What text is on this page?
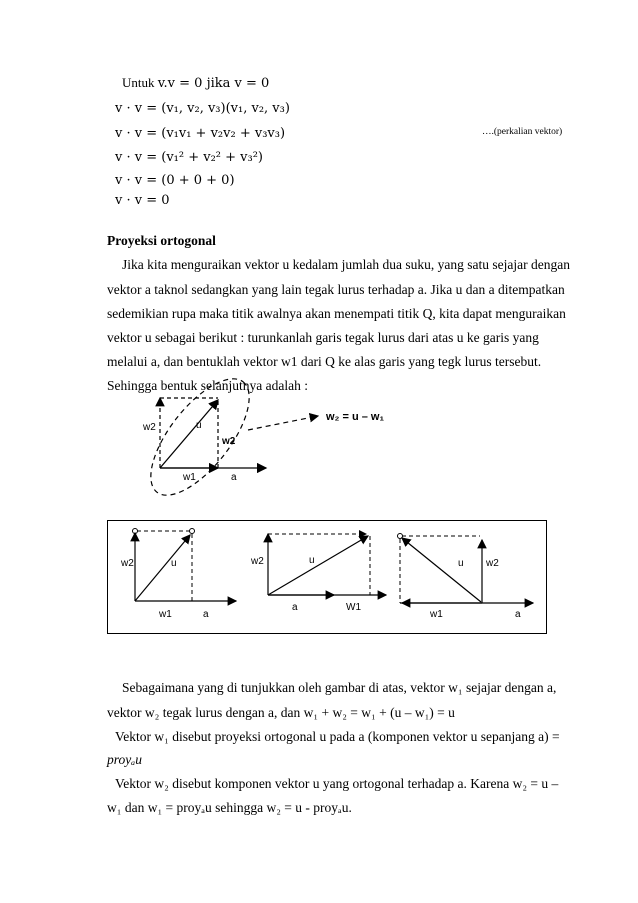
Untuk v.v = 0 jika v = 0
v · v = (v₁, v₂, v₃)(v₁, v₂, v₃)
v · v = (v₁v₁ + v₂v₂ + v₃v₃)	….(perkalian vektor)
v · v = (v₁² + v₂² + v₃²)
v · v = (0 + 0 + 0)
v · v = 0
Proyeksi ortogonal
Jika kita menguraikan vektor u kedalam jumlah dua suku, yang satu sejajar dengan
vektor a taknol sedangkan yang lain tegak lurus terhadap a. Jika u dan a ditempatkan
sedemikian rupa maka titik awalnya akan menempati titik Q, kita dapat menguraikan
vektor u sebagai berikut : turunkanlah garis tegak lurus dari atas u ke garis yang
melalui a, dan bentuklah vektor w1 dari Q ke alas garis yang tegk lurus tersebut.
Sehingga bentuk selanjutnya adalah :
w2	u
w2
w1	a
w₂ = u – w₁
w2	u
w1	a
w2	u
a	W1
u w2
w1	a
Sebagaimana yang di tunjukkan oleh gambar di atas, vektor w₁ sejajar dengan a,
vektor w₂ tegak lurus dengan a, dan w₁ + w₂ = w₁ + (u – w₁) = u
Vektor w₁ disebut proyeksi ortogonal u pada a (komponen vektor u sepanjang a) =
proyₐu
Vektor w₂ disebut komponen vektor u yang ortogonal terhadap a. Karena w₂ = u –
w₁ dan w₁ = proyₐu sehingga w₂ = u - proyₐu.
